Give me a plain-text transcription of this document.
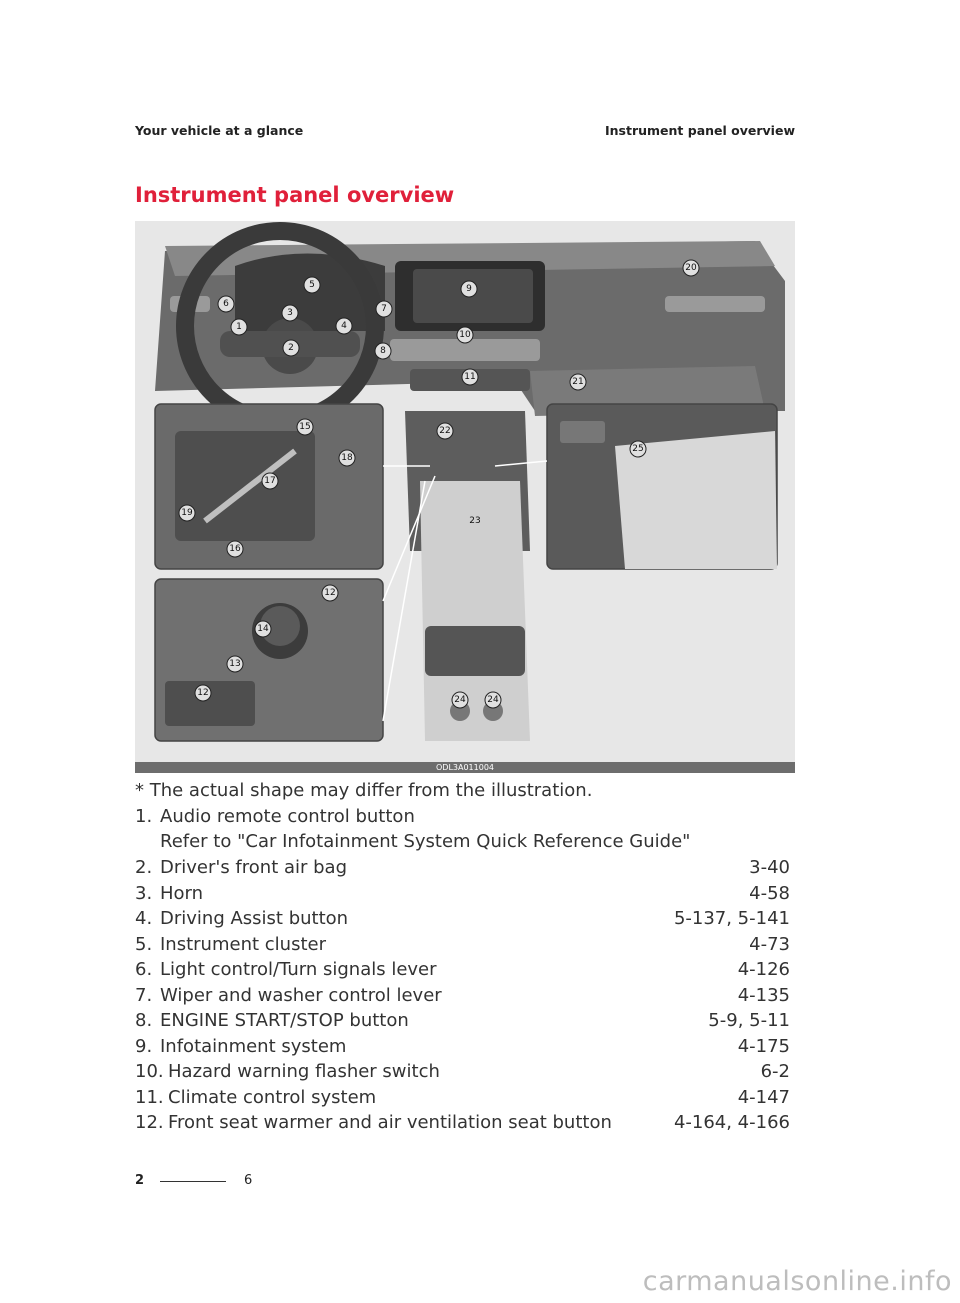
Your vehicle at a glance	Instrument panel overview
Instrument panel overview
1
2
3
4
5
6	7
8
9
10
11
12
13
14
15
16
17
18
19
20
21
22
23
24 24
25
12
ODL3A011004
* The actual shape may differ from the illustration.
1. Audio remote control button
Refer to "Car Infotainment System Quick Reference Guide"
2. Driver's front air bag	3-40
3. Horn	4-58
4. Driving Assist button	5-137, 5-141
5. Instrument cluster	4-73
6. Light control/Turn signals lever	4-126
7. Wiper and washer control lever	4-135
8. ENGINE START/STOP button	5-9, 5-11
9. Infotainment system	4-175
10. Hazard warning flasher switch	6-2
11. Climate control system	4-147
12. Front seat warmer and air ventilation seat button	4-164, 4-166
2	6
carmanualsonline.info
